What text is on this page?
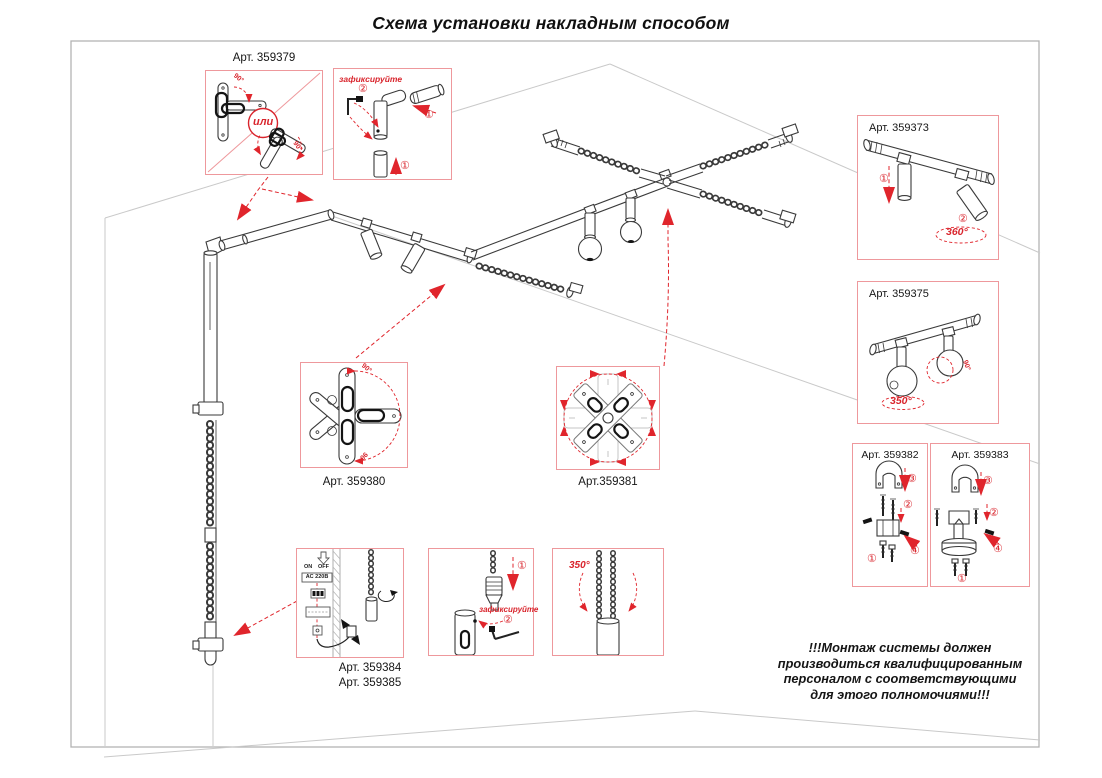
Схема установки накладным способом
Арт. 359379
или
90°
90°
зафиксируйте
①
②
①
Арт. 359373
①
②
360°
Арт. 359375
350°
90°
Арт. 359382
③
②
④
①
Арт. 359383
③
②
④
①
90°
90°
Арт. 359380	Арт.359381
ON OFF
AC 220В
Арт. 359384
Арт. 359385
①
зафиксируйте
②
350°
!!!Монтаж системы должен
производиться квалифицированным
персоналом с соответствующими
для этого полномочиями!!!
